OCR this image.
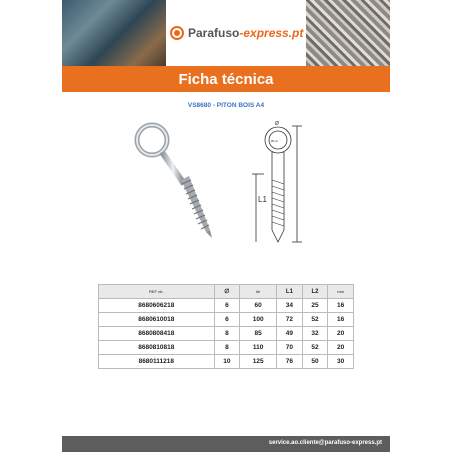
Parafuso-express.pt
Ficha técnica
VS8680 - PITON BOIS A4
Ø
ØL/A
L1
REF nb.	∅	lle	L1	L2	mm
8680606218	6	60	34	25	16
8680610018	6	100	72	52	16
8680808418	8	85	49	32	20
8680810818	8	110	70	52	20
8680111218	10	125	76	50	30
service.ao.cliente@parafuso-express.pt
